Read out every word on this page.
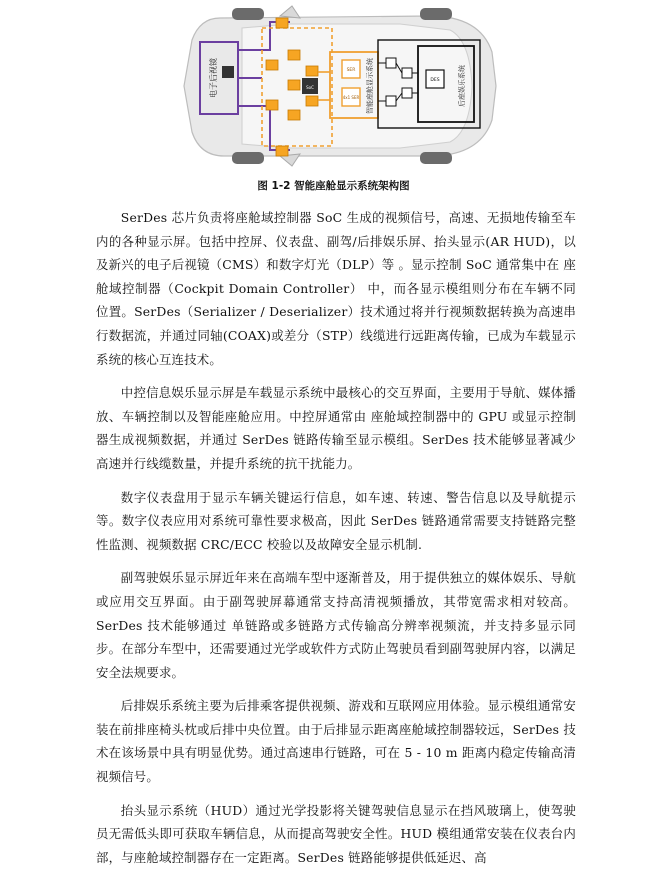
电子后视镜	SoC
SER
4x1 SER 智能座舱显示系统	DES	后座娱乐系统
图 1-2 智能座舱显示系统架构图

SerDes 芯片负责将座舱域控制器 SoC 生成的视频信号，高速、无损地传输至车内的各种显示屏。包括中控屏、仪表盘、副驾/后排娱乐屏、抬头显示(AR HUD)，以及新兴的电子后视镜（CMS）和数字灯光（DLP）等 。显示控制 SoC 通常集中在 座舱域控制器（Cockpit Domain Controller） 中，而各显示模组则分布在车辆不同位置。SerDes（Serializer / Deserializer）技术通过将并行视频数据转换为高速串行数据流，并通过同轴(COAX)或差分（STP）线缆进行远距离传输，已成为车载显示系统的核心互连技术。

中控信息娱乐显示屏是车载显示系统中最核心的交互界面，主要用于导航、媒体播放、车辆控制以及智能座舱应用。中控屏通常由 座舱域控制器中的 GPU 或显示控制器生成视频数据，并通过 SerDes 链路传输至显示模组。SerDes 技术能够显著减少高速并行线缆数量，并提升系统的抗干扰能力。

数字仪表盘用于显示车辆关键运行信息，如车速、转速、警告信息以及导航提示等。数字仪表应用对系统可靠性要求极高，因此 SerDes 链路通常需要支持链路完整性监测、视频数据 CRC/ECC 校验以及故障安全显示机制.

副驾驶娱乐显示屏近年来在高端车型中逐渐普及，用于提供独立的媒体娱乐、导航或应用交互界面。由于副驾驶屏幕通常支持高清视频播放，其带宽需求相对较高。SerDes 技术能够通过 单链路或多链路方式传输高分辨率视频流，并支持多显示同步。在部分车型中，还需要通过光学或软件方式防止驾驶员看到副驾驶屏内容，以满足安全法规要求。

后排娱乐系统主要为后排乘客提供视频、游戏和互联网应用体验。显示模组通常安装在前排座椅头枕或后排中央位置。由于后排显示距离座舱域控制器较远，SerDes 技术在该场景中具有明显优势。通过高速串行链路，可在 5 - 10 m 距离内稳定传输高清视频信号。

抬头显示系统（HUD）通过光学投影将关键驾驶信息显示在挡风玻璃上，使驾驶员无需低头即可获取车辆信息，从而提高驾驶安全性。HUD 模组通常安装在仪表台内部，与座舱域控制器存在一定距离。SerDes 链路能够提供低延迟、高
